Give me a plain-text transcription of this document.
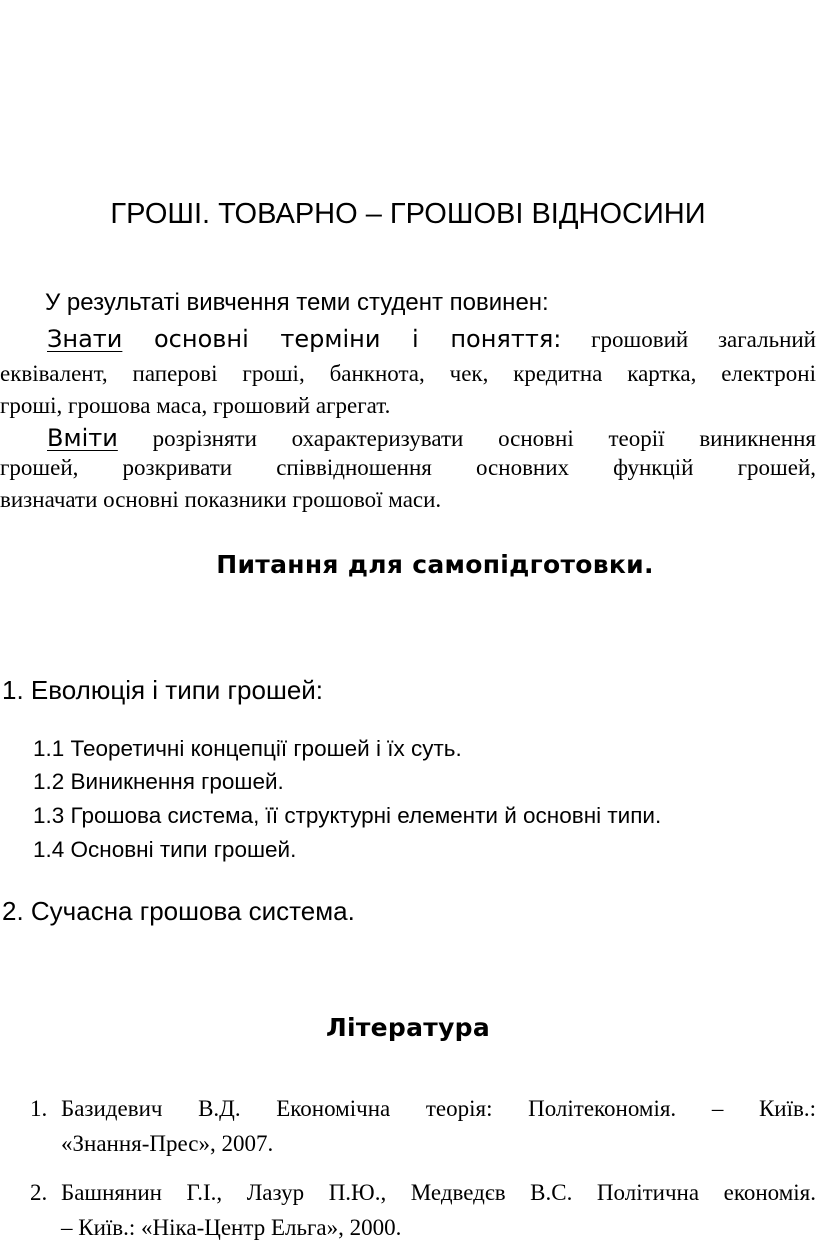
ГРОШІ. ТОВАРНО – ГРОШОВІ ВІДНОСИНИ

У результаті вивчення теми студент повинен:

Знати основні терміни і поняття: грошовий загальний

еквівалент, паперові гроші, банкнота, чек, кредитна картка, електроні

гроші, грошова маса, грошовий агрегат.

Вміти розрізняти охарактеризувати основні теорії виникнення

грошей, розкривати співвідношення основних функцій грошей,

визначати основні показники грошової маси.

Питання для самопідготовки.

1. Еволюція і типи грошей:

1.1 Теоретичні концепції грошей і їх суть.

1.2 Виникнення грошей.

1.3 Грошова система, її структурні елементи й основні типи.

1.4 Основні типи грошей.

2. Сучасна грошова система.

Література
1. Базидевич В.Д. Економічна теорія: Політекономія. – Київ.:
«Знання-Прес», 2007.
2. Башнянин Г.І., Лазур П.Ю., Медведєв В.С. Політична економія.
– Київ.: «Ніка-Центр Ельга», 2000.
